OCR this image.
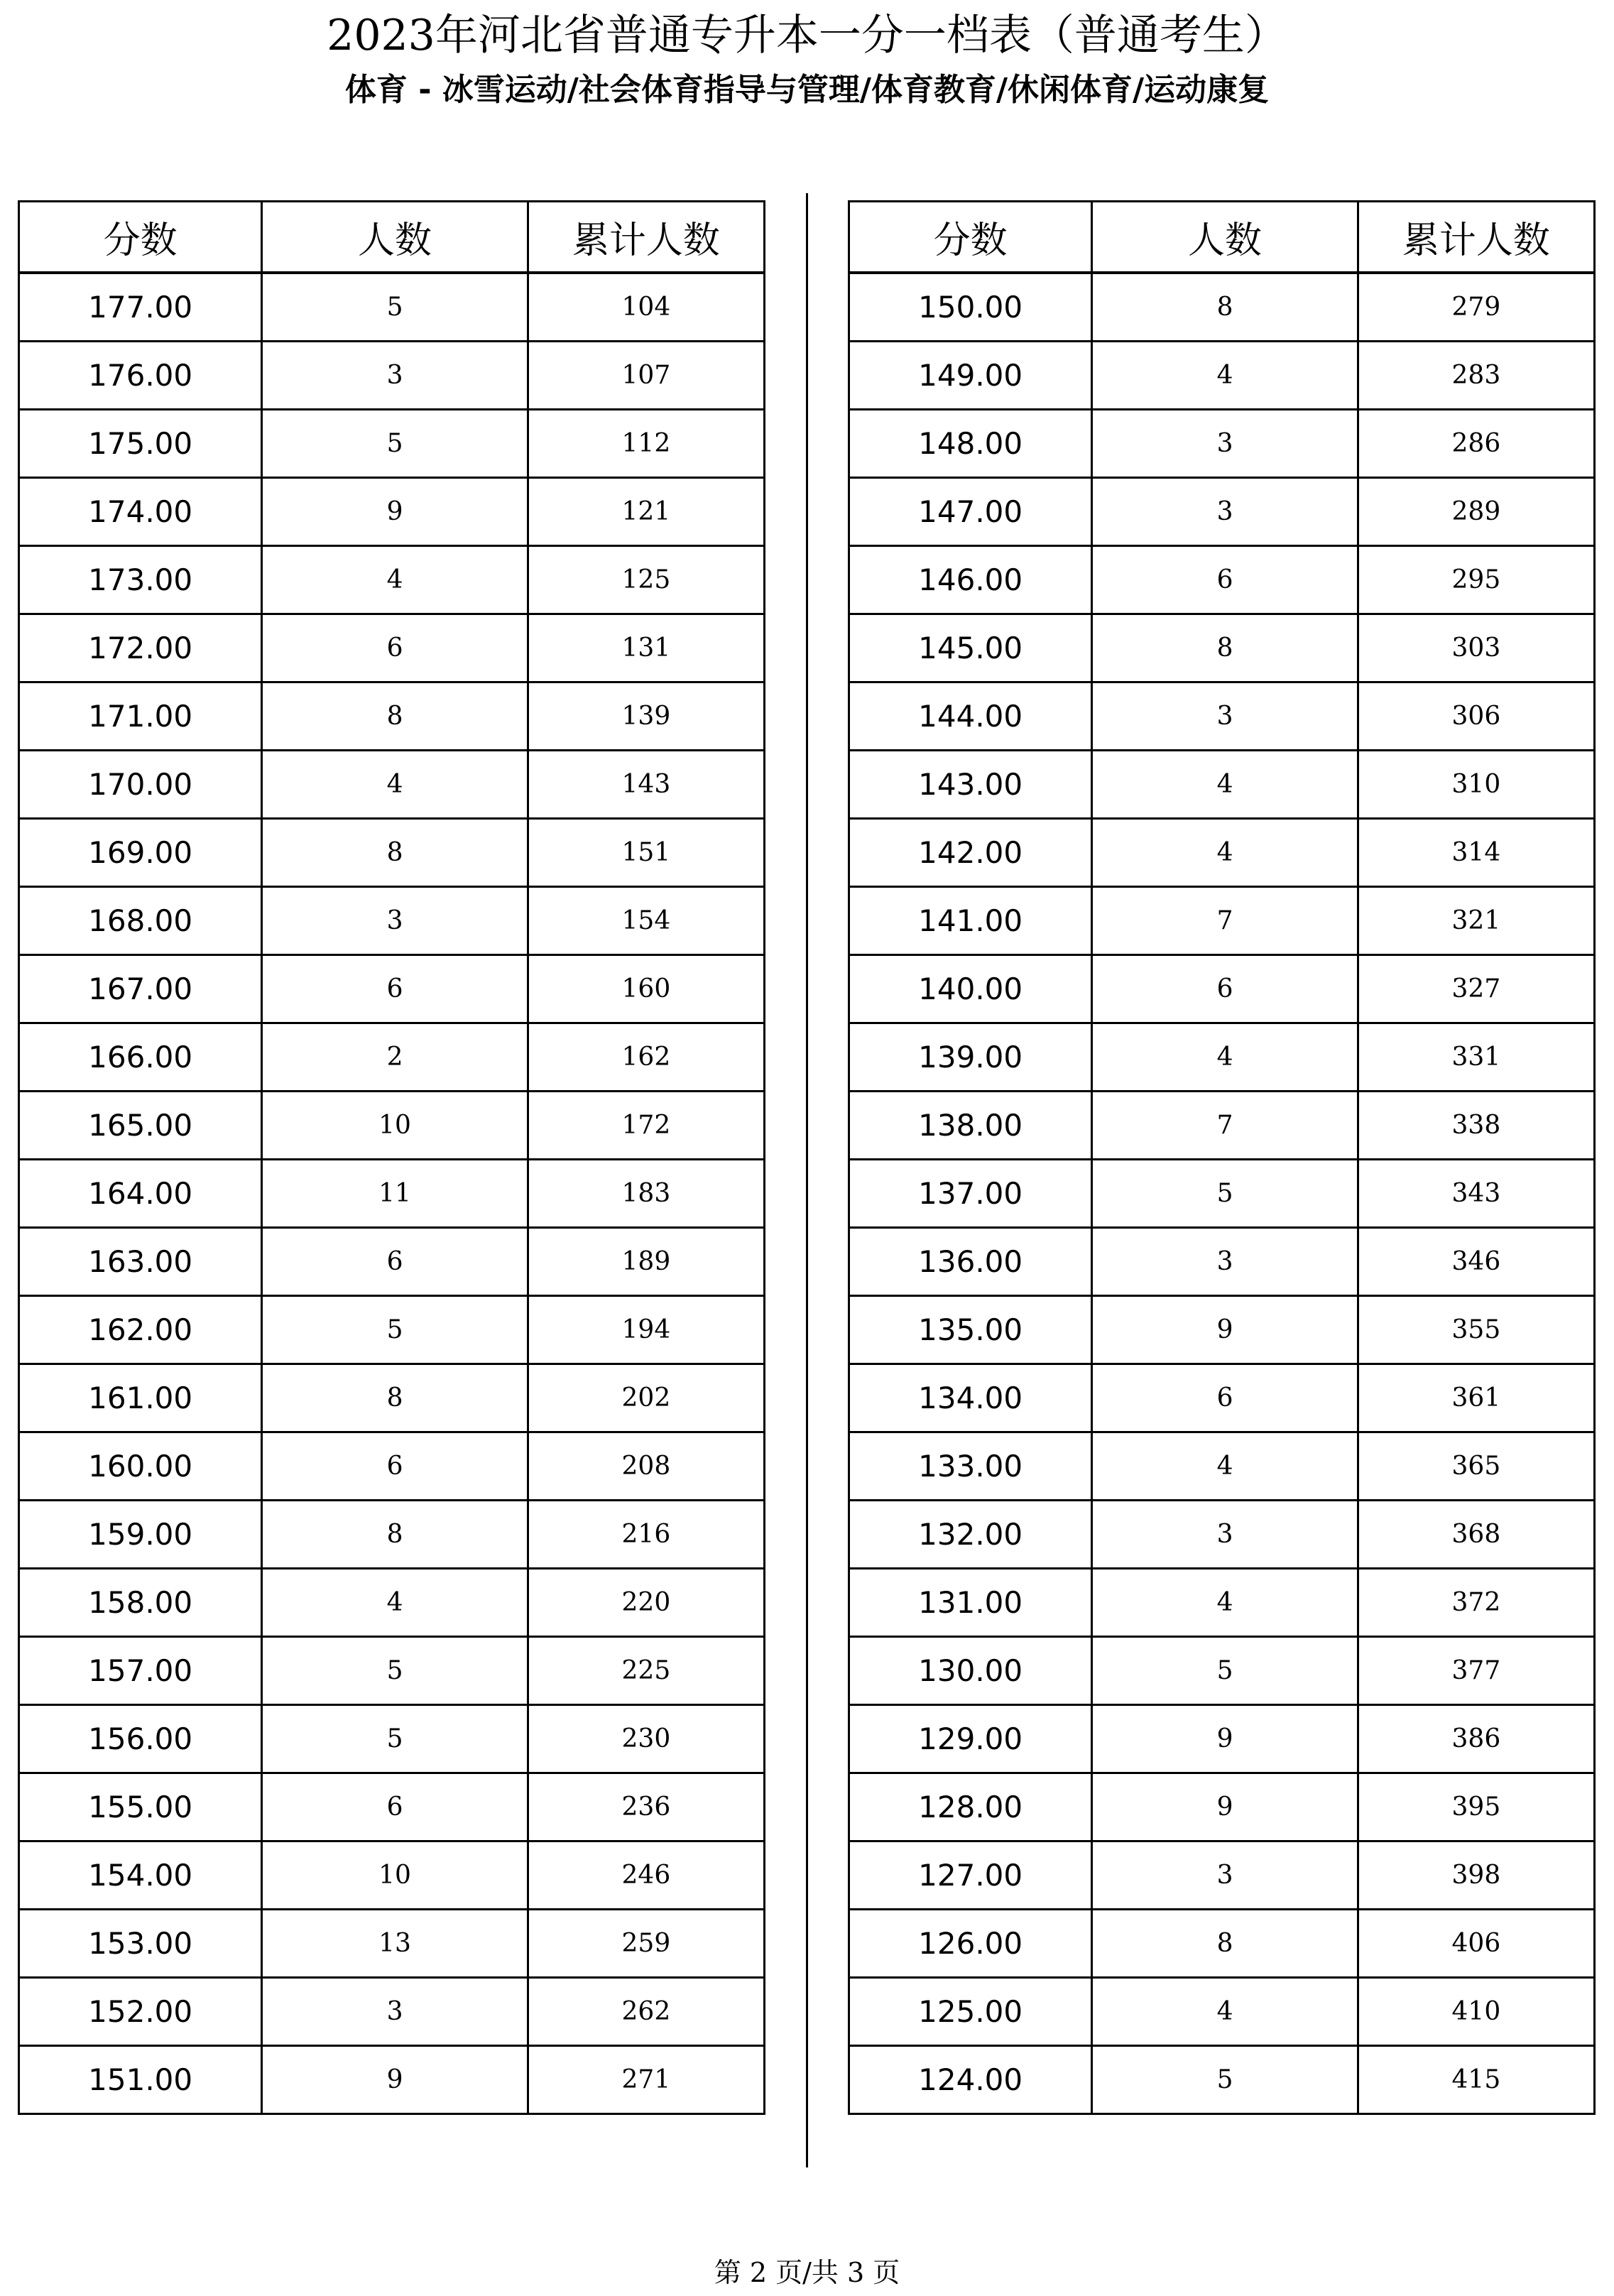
2023年河北省普通专升本一分一档表（普通考生）
体育 - 冰雪运动/社会体育指导与管理/体育教育/休闲体育/运动康复
分数	人数	累计人数
177.00	5	104
176.00	3	107
175.00	5	112
174.00	9	121
173.00	4	125
172.00	6	131
171.00	8	139
170.00	4	143
169.00	8	151
168.00	3	154
167.00	6	160
166.00	2	162
165.00	10	172
164.00	11	183
163.00	6	189
162.00	5	194
161.00	8	202
160.00	6	208
159.00	8	216
158.00	4	220
157.00	5	225
156.00	5	230
155.00	6	236
154.00	10	246
153.00	13	259
152.00	3	262
151.00	9	271
分数	人数	累计人数
150.00	8	279
149.00	4	283
148.00	3	286
147.00	3	289
146.00	6	295
145.00	8	303
144.00	3	306
143.00	4	310
142.00	4	314
141.00	7	321
140.00	6	327
139.00	4	331
138.00	7	338
137.00	5	343
136.00	3	346
135.00	9	355
134.00	6	361
133.00	4	365
132.00	3	368
131.00	4	372
130.00	5	377
129.00	9	386
128.00	9	395
127.00	3	398
126.00	8	406
125.00	4	410
124.00	5	415
第 2 页/共 3 页
